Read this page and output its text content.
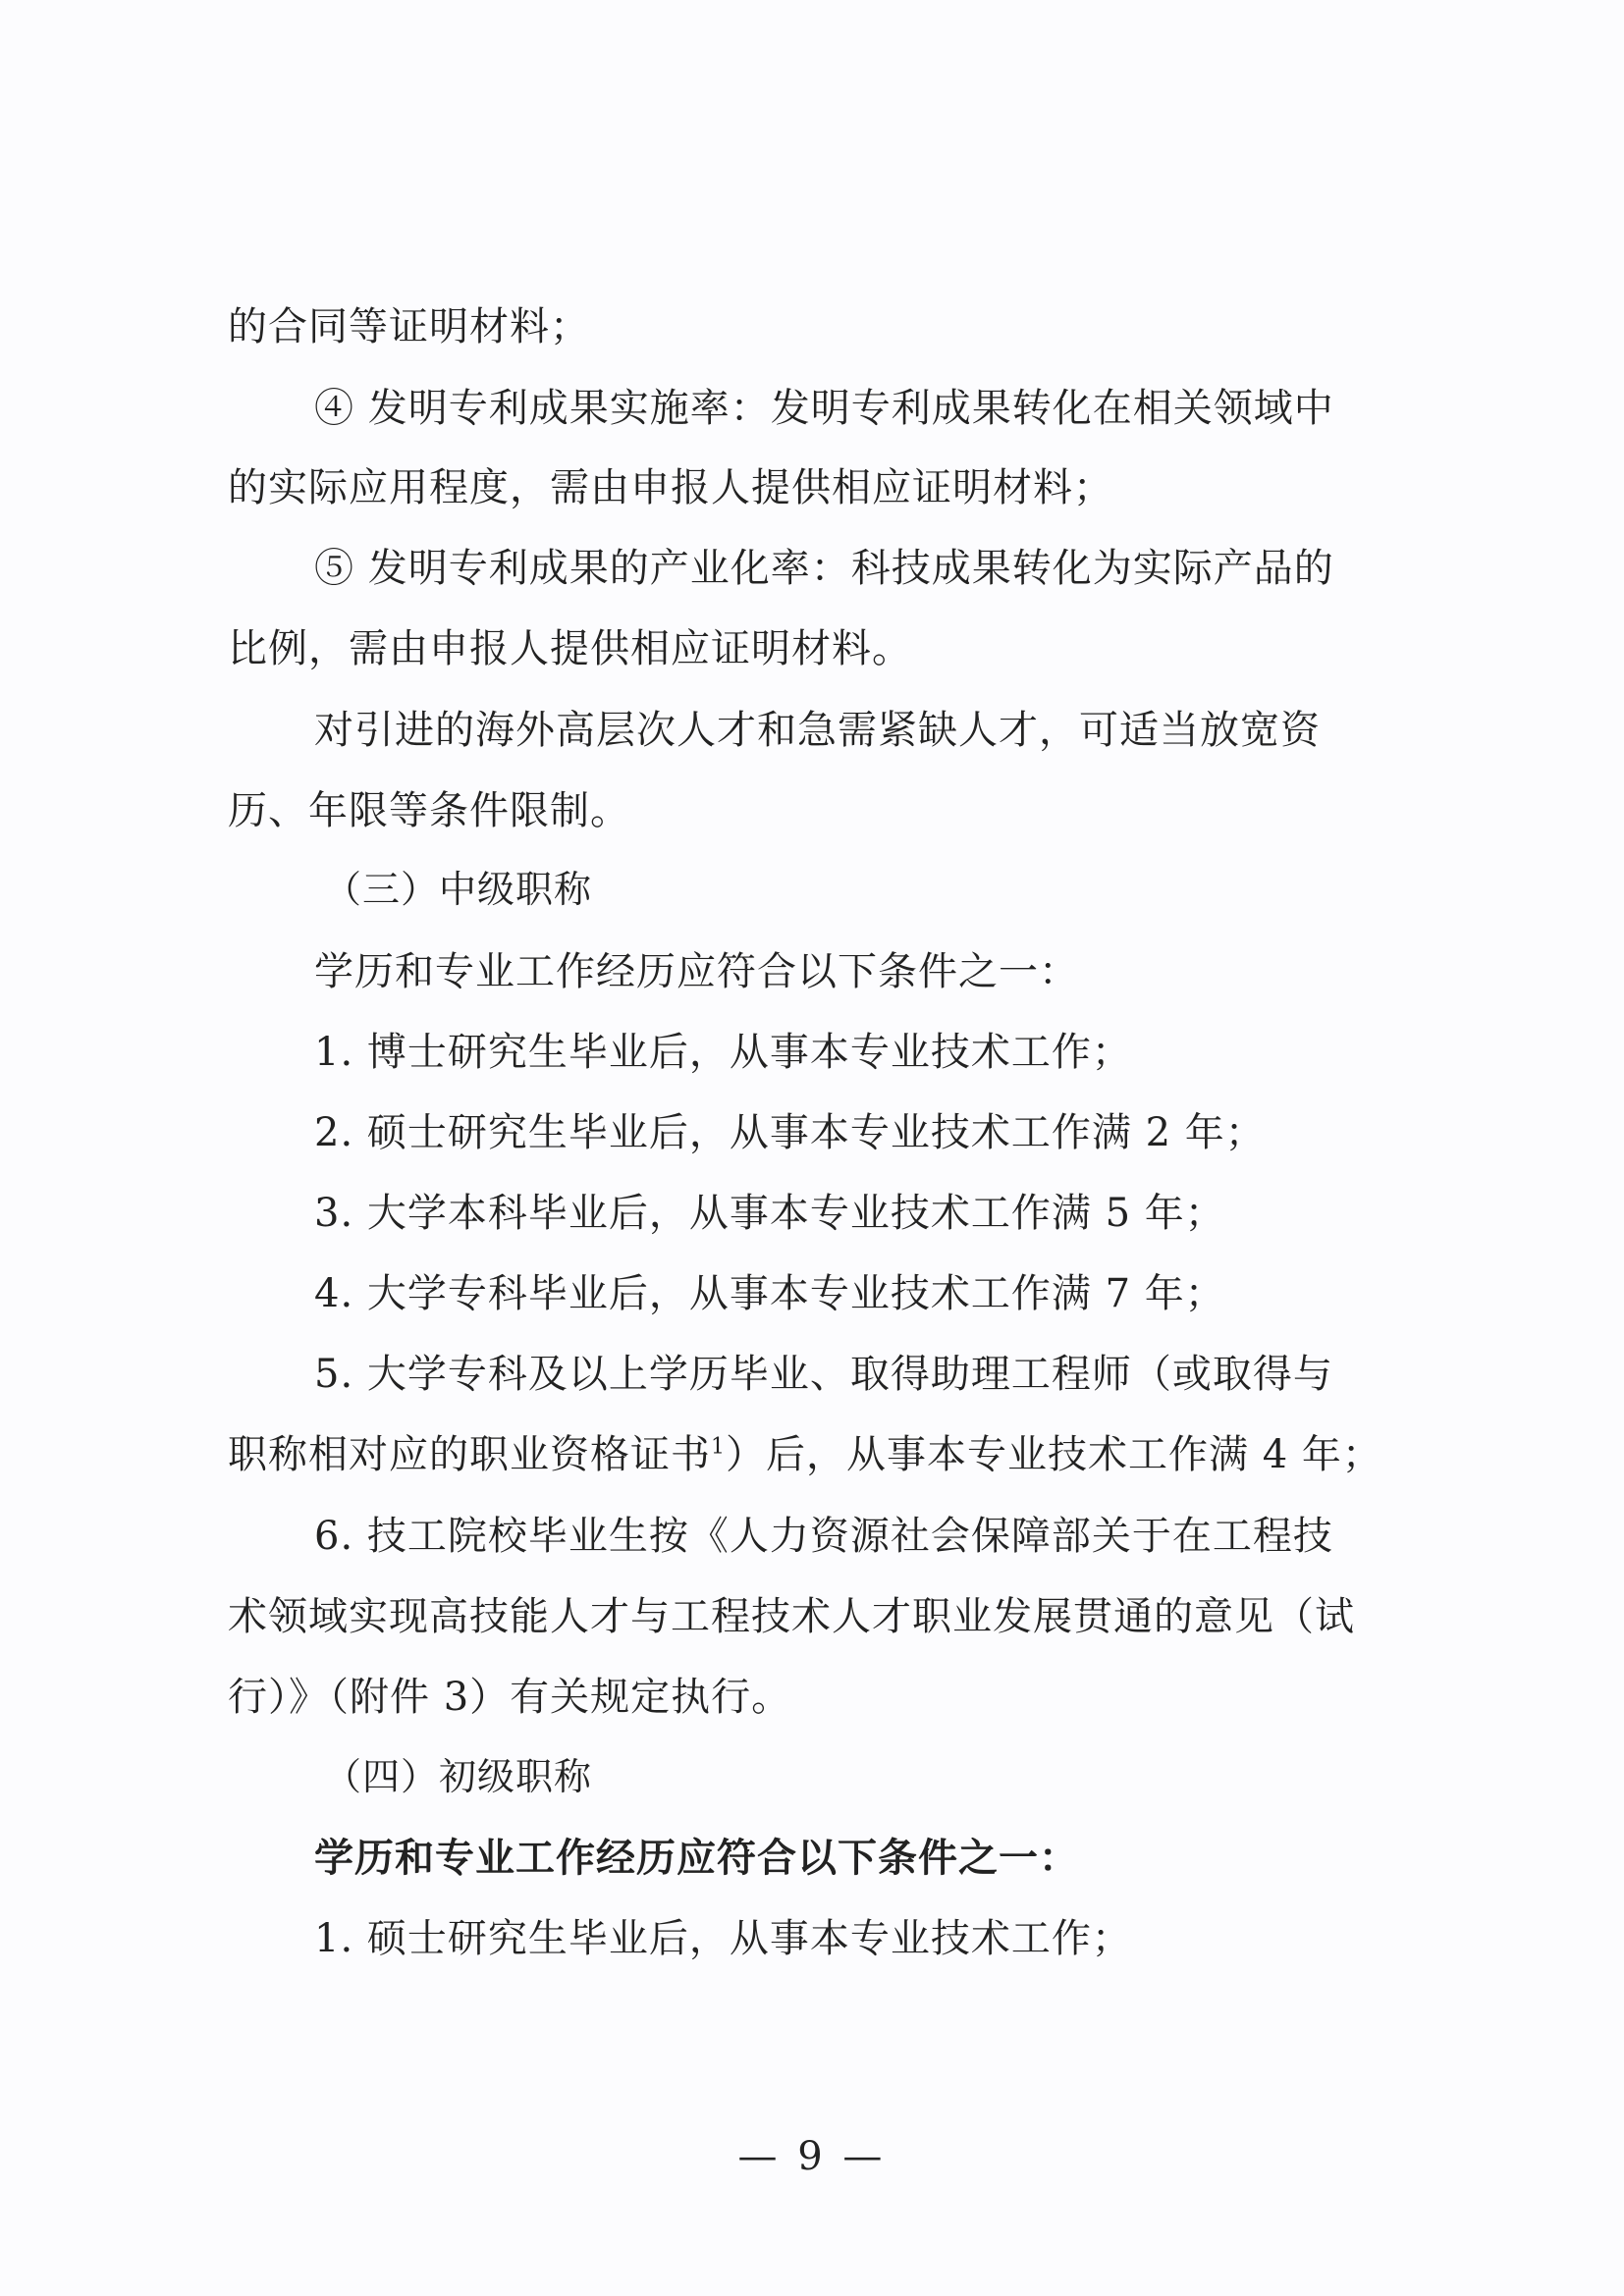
的合同等证明材料；
④ 发明专利成果实施率：发明专利成果转化在相关领域中
的实际应用程度，需由申报人提供相应证明材料；
⑤ 发明专利成果的产业化率：科技成果转化为实际产品的
比例，需由申报人提供相应证明材料。
对引进的海外高层次人才和急需紧缺人才，可适当放宽资
历、年限等条件限制。
（三）中级职称
学历和专业工作经历应符合以下条件之一：
1. 博士研究生毕业后，从事本专业技术工作；
2. 硕士研究生毕业后，从事本专业技术工作满 2 年；
3. 大学本科毕业后，从事本专业技术工作满 5 年；
4. 大学专科毕业后，从事本专业技术工作满 7 年；
5. 大学专科及以上学历毕业、取得助理工程师（或取得与
职称相对应的职业资格证书$^1$）后，从事本专业技术工作满 4 年；
6. 技工院校毕业生按《人力资源社会保障部关于在工程技
术领域实现高技能人才与工程技术人才职业发展贯通的意见（试
行）》（附件 3）有关规定执行。
（四）初级职称
学历和专业工作经历应符合以下条件之一：
1. 硕士研究生毕业后，从事本专业技术工作；
— 9 —
